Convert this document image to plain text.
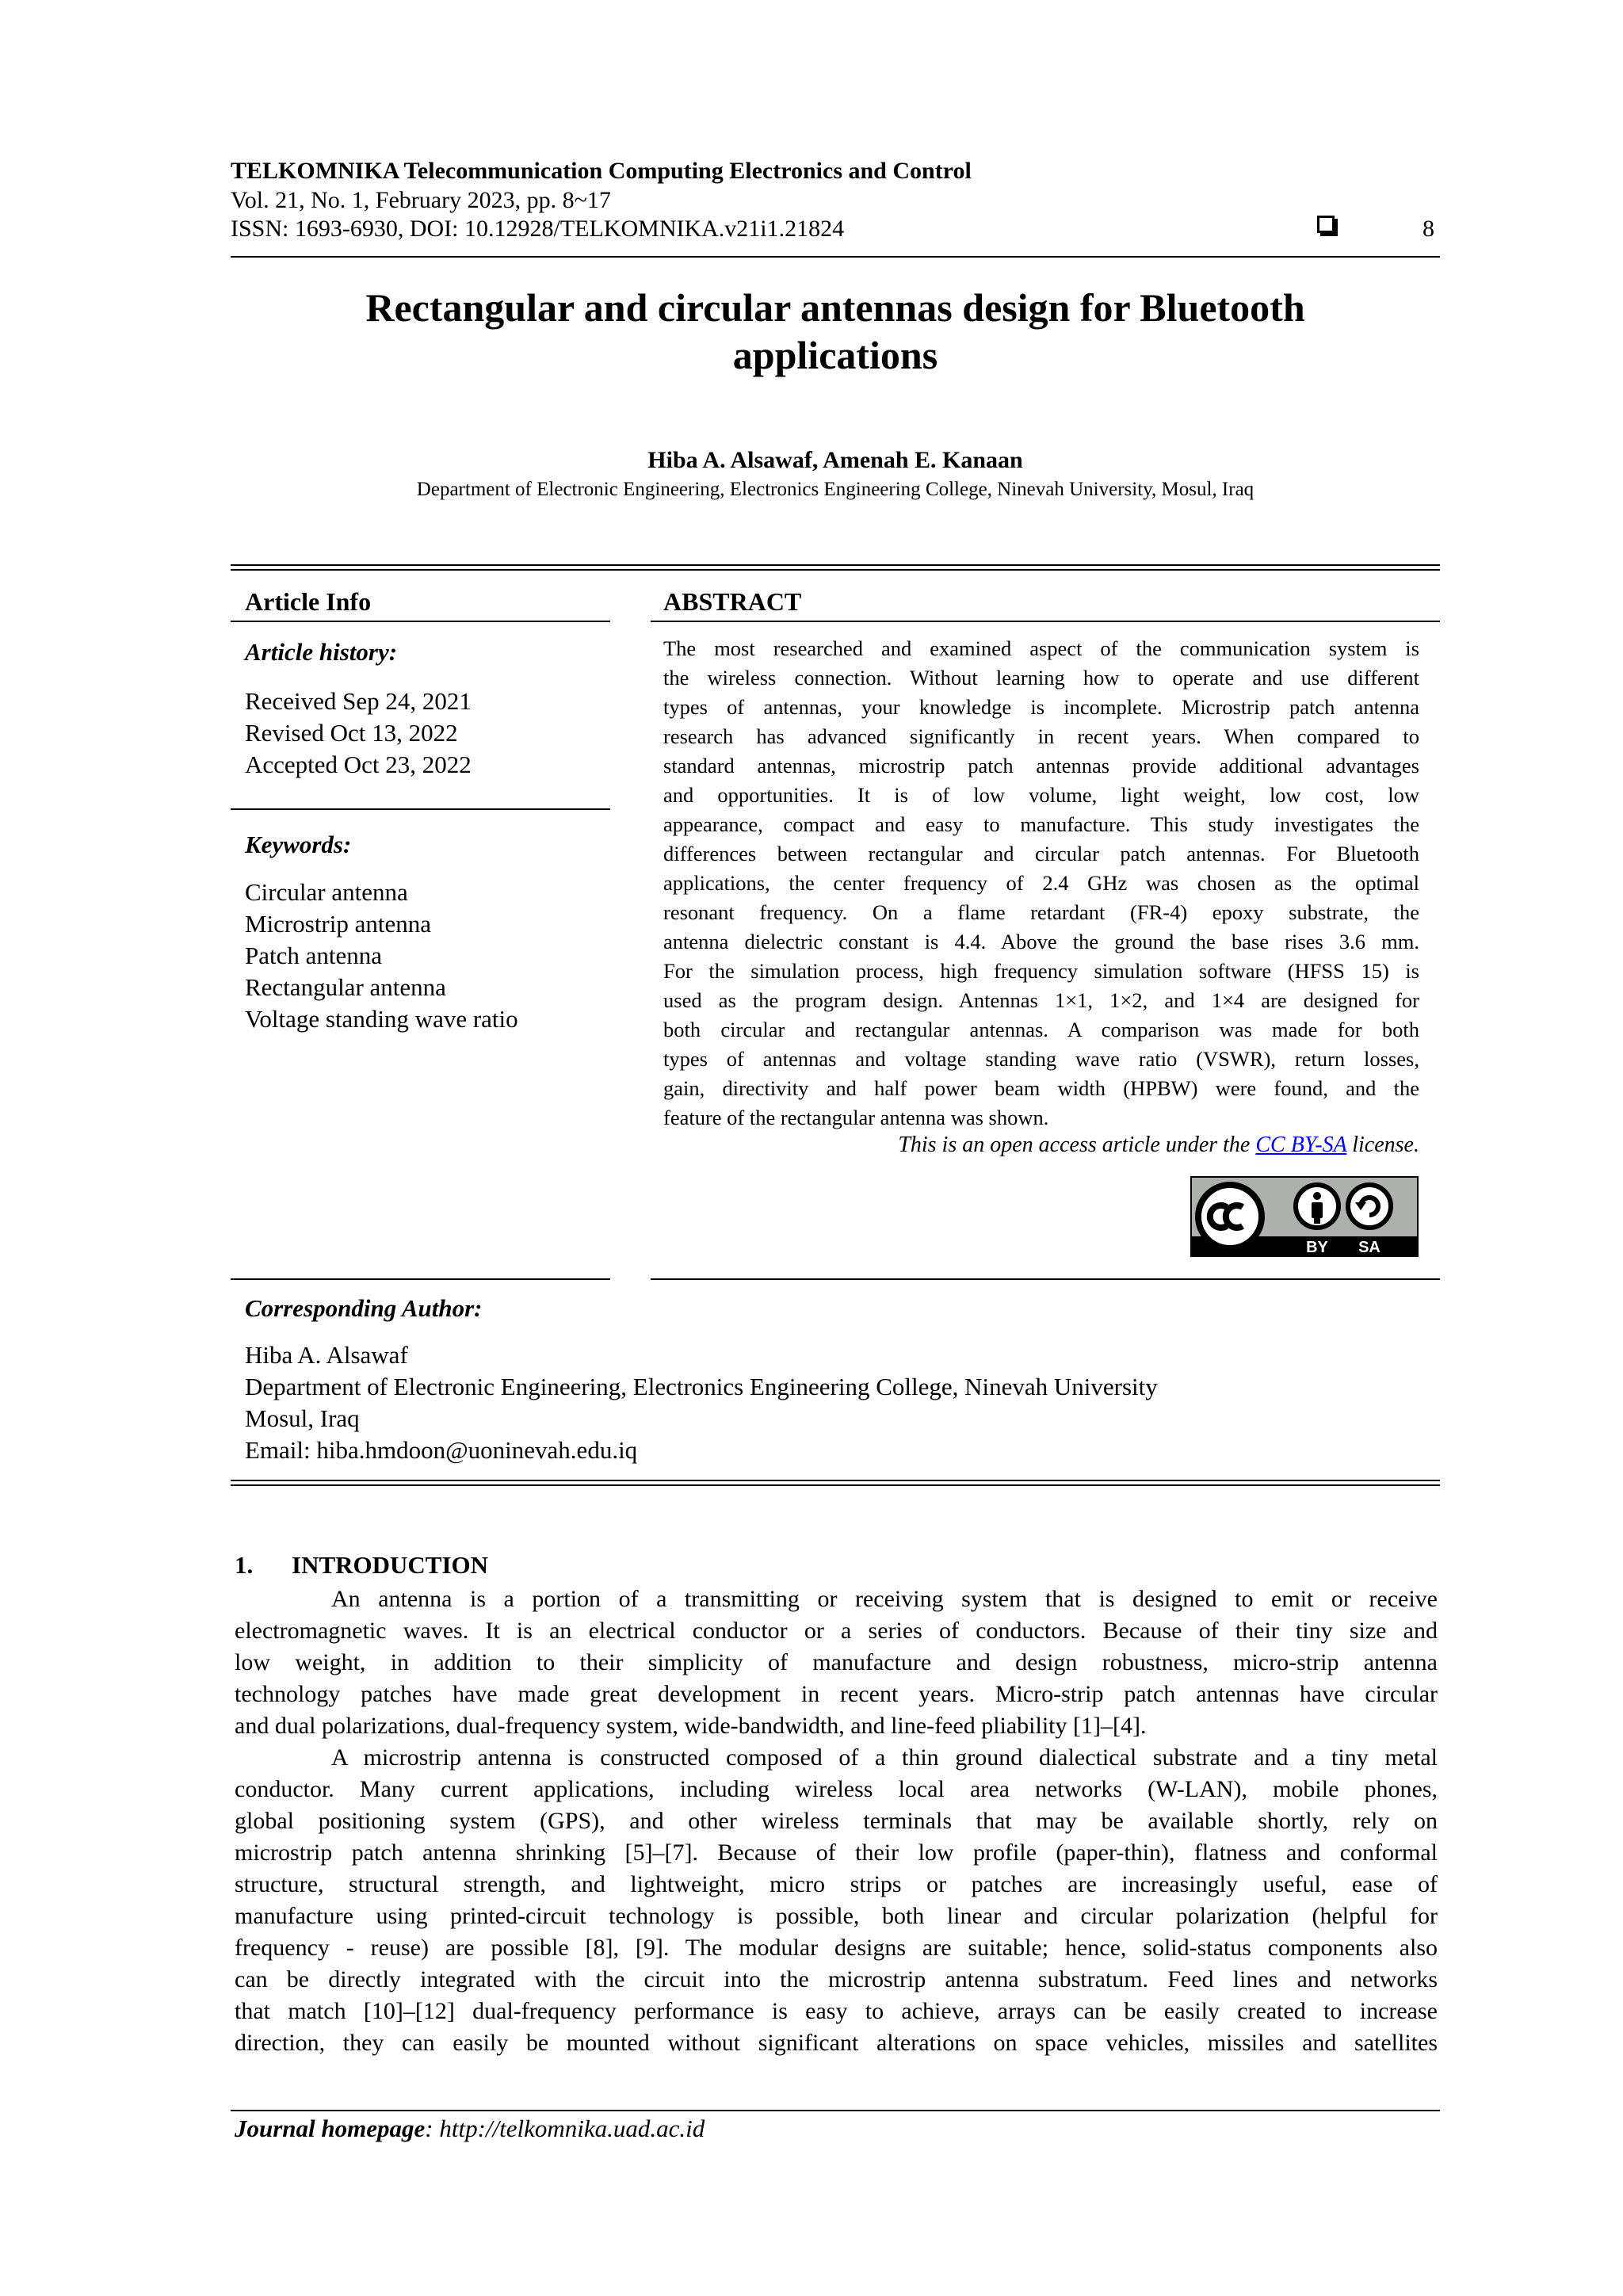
TELKOMNIKA Telecommunication Computing Electronics and Control
Vol. 21, No. 1, February 2023, pp. 8~17
ISSN: 1693-6930, DOI: 10.12928/TELKOMNIKA.v21i1.21824	8
Rectangular and circular antennas design for Bluetooth
applications
Hiba A. Alsawaf, Amenah E. Kanaan
Department of Electronic Engineering, Electronics Engineering College, Ninevah University, Mosul, Iraq
Article Info	ABSTRACT
Article history:
Received Sep 24, 2021
Revised Oct 13, 2022
Accepted Oct 23, 2022
Keywords:
Circular antenna
Microstrip antenna
Patch antenna
Rectangular antenna
Voltage standing wave ratio
The most researched and examined aspect of the communication system is
the wireless connection. Without learning how to operate and use different
types of antennas, your knowledge is incomplete. Microstrip patch antenna
research has advanced significantly in recent years. When compared to
standard antennas, microstrip patch antennas provide additional advantages
and opportunities. It is of low volume, light weight, low cost, low
appearance, compact and easy to manufacture. This study investigates the
differences between rectangular and circular patch antennas. For Bluetooth
applications, the center frequency of 2.4 GHz was chosen as the optimal
resonant frequency. On a flame retardant (FR-4) epoxy substrate, the
antenna dielectric constant is 4.4. Above the ground the base rises 3.6 mm.
For the simulation process, high frequency simulation software (HFSS 15) is
used as the program design. Antennas 1×1, 1×2, and 1×4 are designed for
both circular and rectangular antennas. A comparison was made for both
types of antennas and voltage standing wave ratio (VSWR), return losses,
gain, directivity and half power beam width (HPBW) were found, and the
feature of the rectangular antenna was shown.
This is an open access article under the CC BY-SA license.
BY SA
Corresponding Author:
Hiba A. Alsawaf
Department of Electronic Engineering, Electronics Engineering College, Ninevah University
Mosul, Iraq
Email: hiba.hmdoon@uoninevah.edu.iq
1. INTRODUCTION
An antenna is a portion of a transmitting or receiving system that is designed to emit or receive
electromagnetic waves. It is an electrical conductor or a series of conductors. Because of their tiny size and
low weight, in addition to their simplicity of manufacture and design robustness, micro-strip antenna
technology patches have made great development in recent years. Micro-strip patch antennas have circular
and dual polarizations, dual-frequency system, wide-bandwidth, and line-feed pliability [1]–[4].
A microstrip antenna is constructed composed of a thin ground dialectical substrate and a tiny metal
conductor. Many current applications, including wireless local area networks (W-LAN), mobile phones,
global positioning system (GPS), and other wireless terminals that may be available shortly, rely on
microstrip patch antenna shrinking [5]–[7]. Because of their low profile (paper-thin), flatness and conformal
structure, structural strength, and lightweight, micro strips or patches are increasingly useful, ease of
manufacture using printed-circuit technology is possible, both linear and circular polarization (helpful for
frequency - reuse) are possible [8], [9]. The modular designs are suitable; hence, solid-status components also
can be directly integrated with the circuit into the microstrip antenna substratum. Feed lines and networks
that match [10]–[12] dual-frequency performance is easy to achieve, arrays can be easily created to increase
direction, they can easily be mounted without significant alterations on space vehicles, missiles and satellites
Journal homepage: http://telkomnika.uad.ac.id
